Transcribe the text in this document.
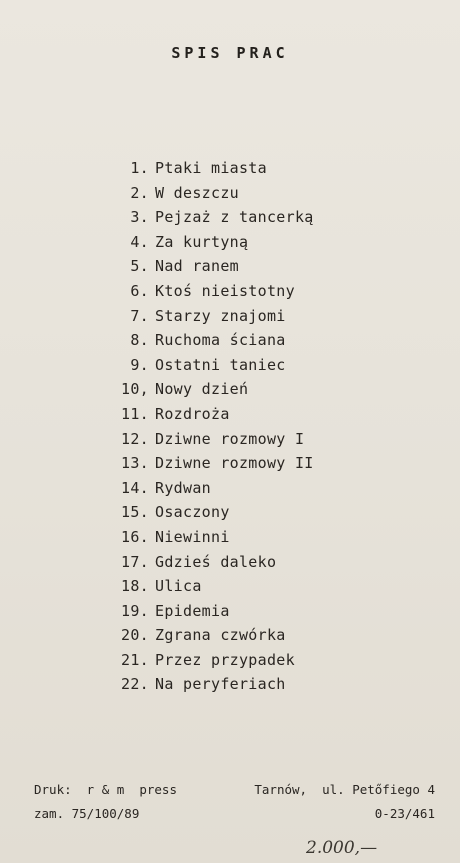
SPIS PRAC
1. Ptaki miasta
2. W deszczu
3. Pejzaż z tancerką
4. Za kurtyną
5. Nad ranem
6. Ktoś nieistotny
7. Starzy znajomi
8. Ruchoma ściana
9. Ostatni taniec
10, Nowy dzień
11. Rozdroża
12. Dziwne rozmowy I
13. Dziwne rozmowy II
14. Rydwan
15. Osaczony
16. Niewinni
17. Gdzieś daleko
18. Ulica
19. Epidemia
20. Zgrana czwórka
21. Przez przypadek
22. Na peryferiach
Druk:  r & m  press	Tarnów,  ul. Petőfiego 4
zam. 75/100/89	0-23/461
2.000,—
